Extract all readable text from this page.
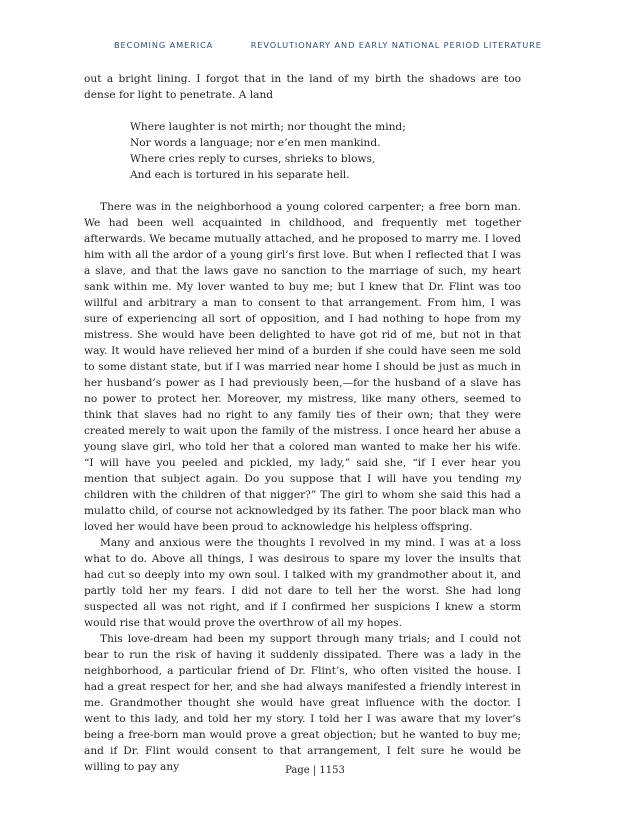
BECOMING AMERICA	REVOLUTIONARY AND EARLY NATIONAL PERIOD LITERATURE

out a bright lining. I forgot that in the land of my birth the shadows are too dense for light to penetrate. A land

Where laughter is not mirth; nor thought the mind;
Nor words a language; nor e’en men mankind.
Where cries reply to curses, shrieks to blows,
And each is tortured in his separate hell.

There was in the neighborhood a young colored carpenter; a free born man. We had been well acquainted in childhood, and frequently met together afterwards. We became mutually attached, and he proposed to marry me. I loved him with all the ardor of a young girl’s first love. But when I reflected that I was a slave, and that the laws gave no sanction to the marriage of such, my heart sank within me. My lover wanted to buy me; but I knew that Dr. Flint was too willful and arbitrary a man to consent to that arrangement. From him, I was sure of experiencing all sort of opposition, and I had nothing to hope from my mistress. She would have been delighted to have got rid of me, but not in that way. It would have relieved her mind of a burden if she could have seen me sold to some distant state, but if I was married near home I should be just as much in her husband’s power as I had previously been,—for the husband of a slave has no power to protect her. Moreover, my mistress, like many others, seemed to think that slaves had no right to any family ties of their own; that they were created merely to wait upon the family of the mistress. I once heard her abuse a young slave girl, who told her that a colored man wanted to make her his wife. “I will have you peeled and pickled, my lady,” said she, “if I ever hear you mention that subject again. Do you suppose that I will have you tending my children with the children of that nigger?” The girl to whom she said this had a mulatto child, of course not acknowledged by its father. The poor black man who loved her would have been proud to acknowledge his helpless offspring.

Many and anxious were the thoughts I revolved in my mind. I was at a loss what to do. Above all things, I was desirous to spare my lover the insults that had cut so deeply into my own soul. I talked with my grandmother about it, and partly told her my fears. I did not dare to tell her the worst. She had long suspected all was not right, and if I confirmed her suspicions I knew a storm would rise that would prove the overthrow of all my hopes.

This love-dream had been my support through many trials; and I could not bear to run the risk of having it suddenly dissipated. There was a lady in the neighborhood, a particular friend of Dr. Flint’s, who often visited the house. I had a great respect for her, and she had always manifested a friendly interest in me. Grandmother thought she would have great influence with the doctor. I went to this lady, and told her my story. I told her I was aware that my lover’s being a free-born man would prove a great objection; but he wanted to buy me; and if Dr. Flint would consent to that arrangement, I felt sure he would be willing to pay any	Page | 1153
